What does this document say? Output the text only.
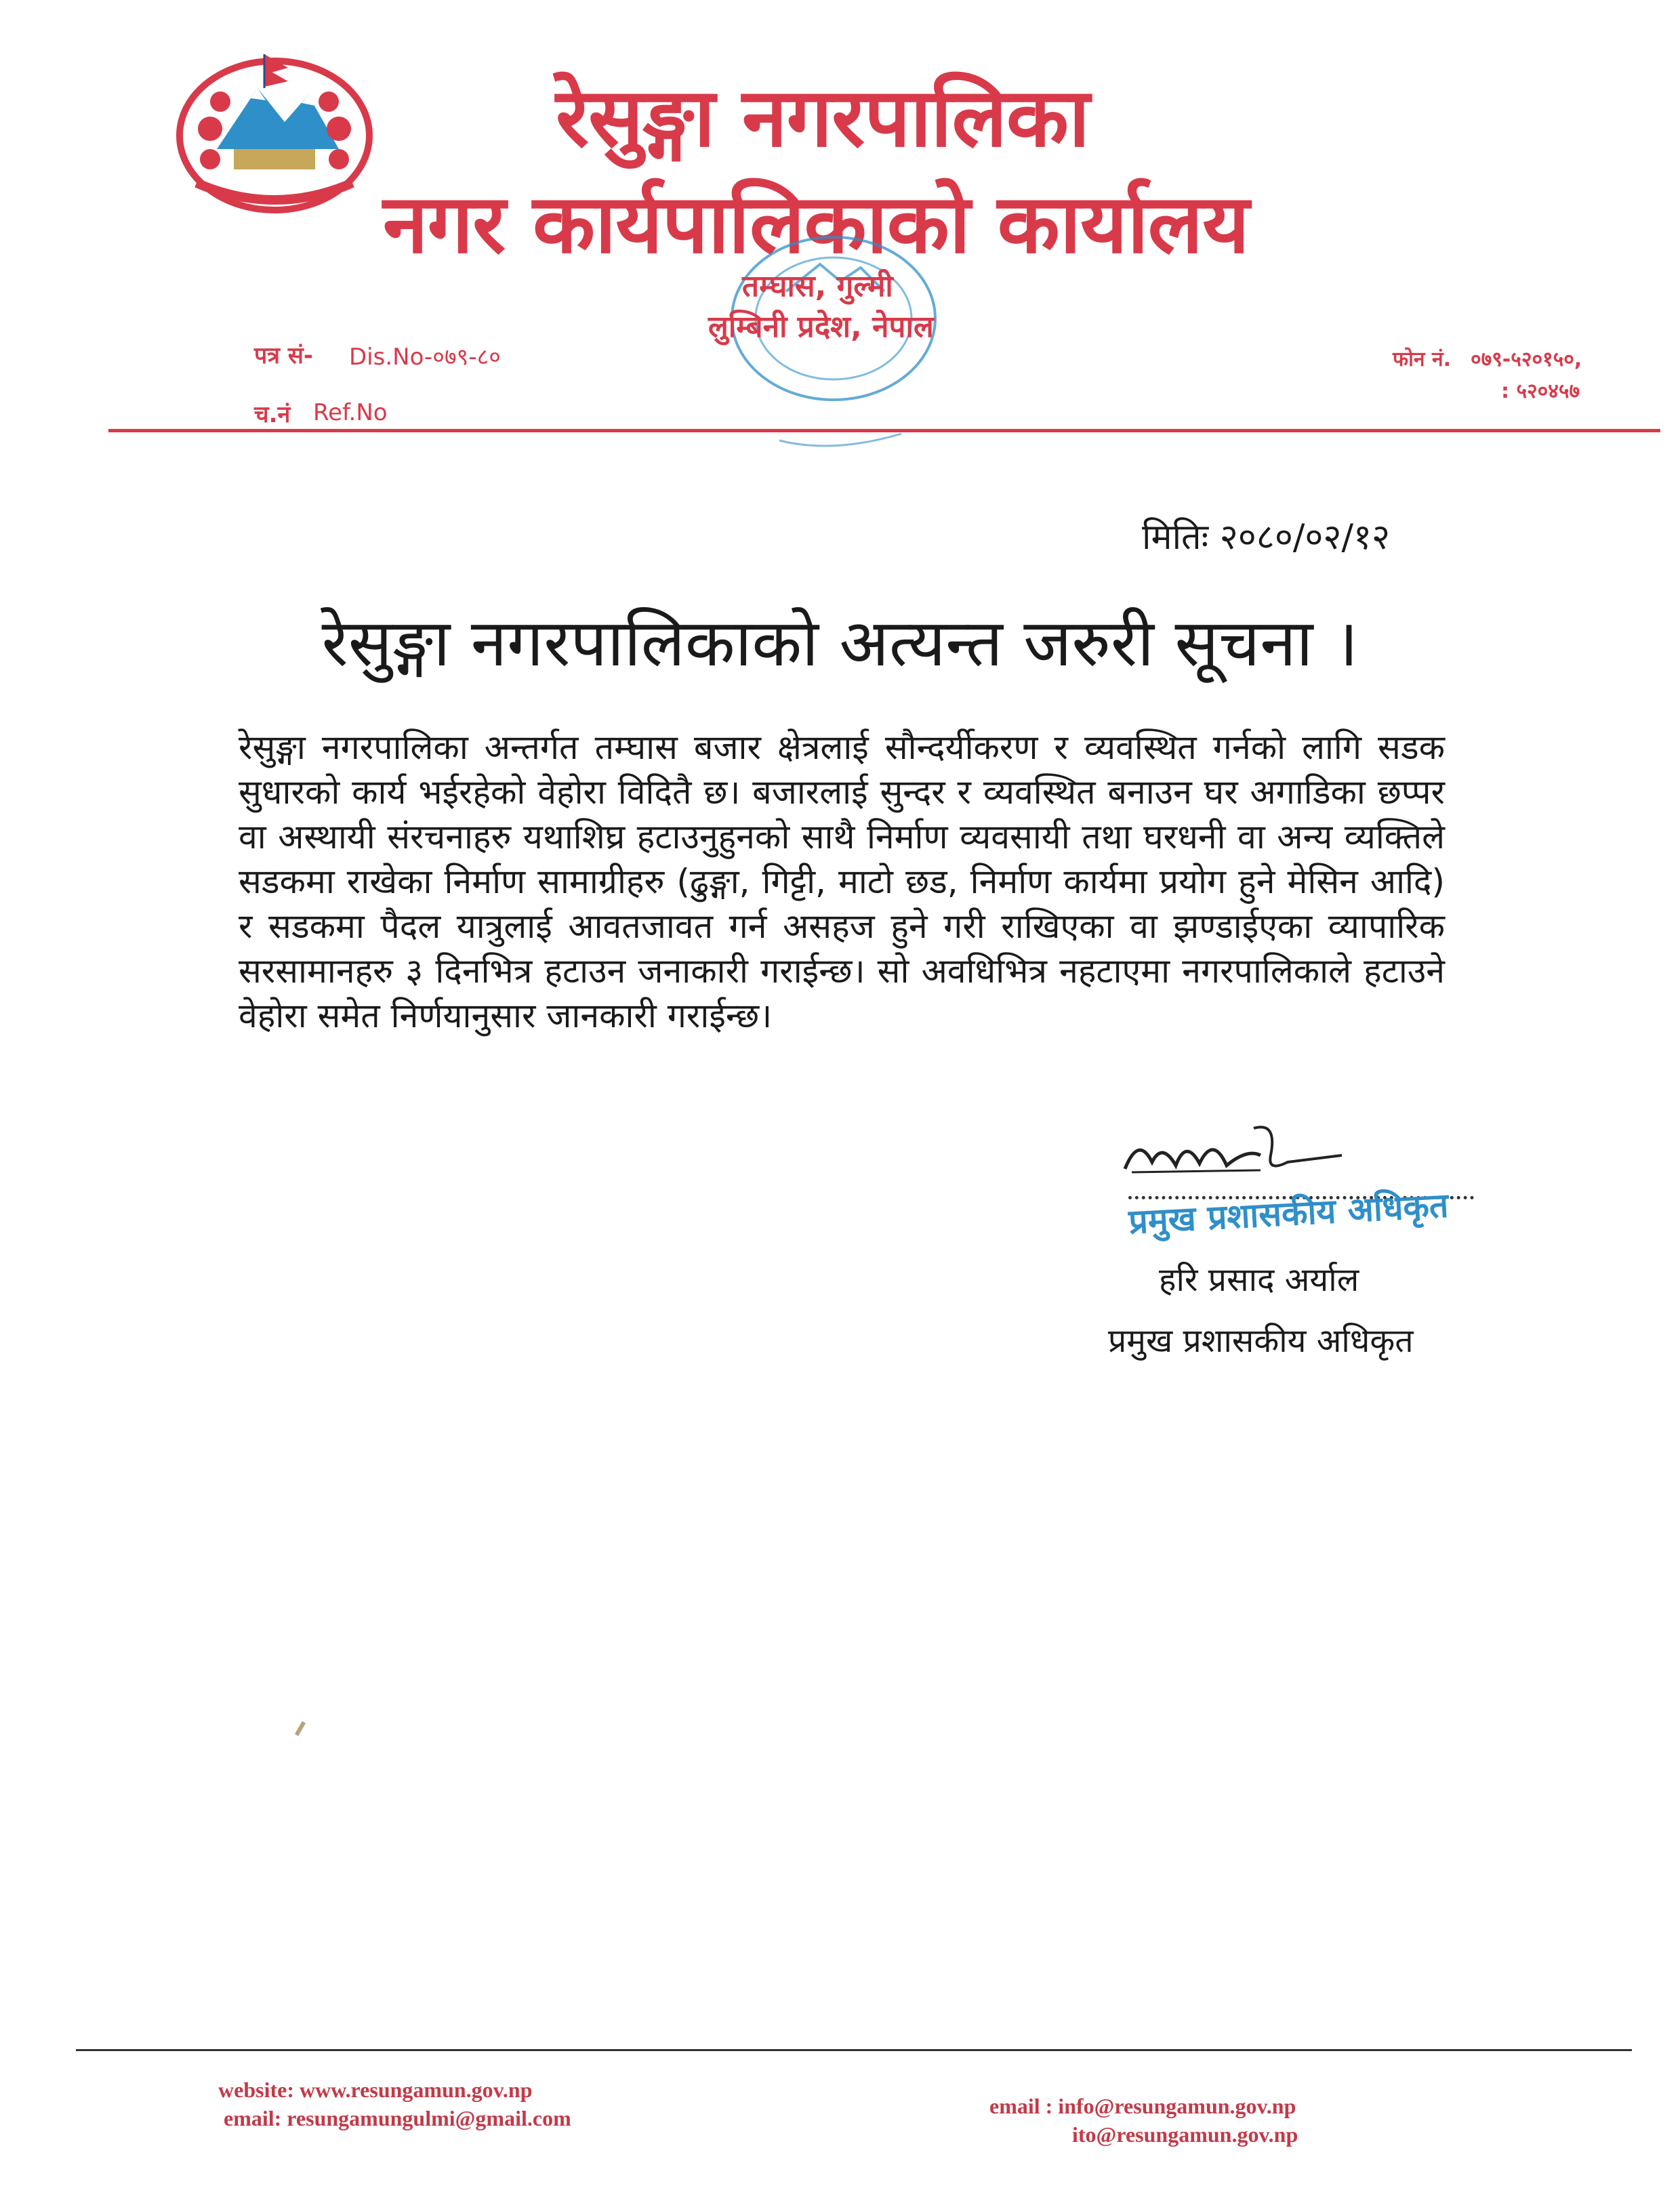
रेसुङ्गा नगरपालिका
नगर कार्यपालिकाको कार्यालय
तम्घास, गुल्मी
लुम्बिनी प्रदेश, नेपाल
पत्र सं- Dis.No-०७९-८०
च.नं Ref.No
फोन नं. ०७९-५२०१५०,
: ५२०४५७
मितिः २०८०/०२/१२
रेसुङ्गा नगरपालिकाको अत्यन्त जरुरी सूचना ।
रेसुङ्गा नगरपालिका अन्तर्गत तम्घास बजार क्षेत्रलाई सौन्दर्यीकरण र व्यवस्थित गर्नको लागि सडक सुधारको कार्य भईरहेको वेहोरा विदितै छ। बजारलाई सुन्दर र व्यवस्थित बनाउन घर अगाडिका छप्पर वा अस्थायी संरचनाहरु यथाशिघ्र हटाउनुहुनको साथै निर्माण व्यवसायी तथा घरधनी वा अन्य व्यक्तिले सडकमा राखेका निर्माण सामाग्रीहरु (ढुङ्गा, गिट्टी, माटो छड, निर्माण कार्यमा प्रयोग हुने मेसिन आदि) र सडकमा पैदल यात्रुलाई आवतजावत गर्न असहज हुने गरी राखिएका वा झण्डाईएका व्यापारिक सरसामानहरु ३ दिनभित्र हटाउन जनाकारी गराईन्छ। सो अवधिभित्र नहटाएमा नगरपालिकाले हटाउने वेहोरा समेत निर्णयानुसार जानकारी गराईन्छ।
प्रमुख प्रशासकीय अधिकृत
हरि प्रसाद अर्याल
प्रमुख प्रशासकीय अधिकृत
website: www.resungamun.gov.np
email: resungamungulmi@gmail.com	email : info@resungamun.gov.np
ito@resungamun.gov.np
